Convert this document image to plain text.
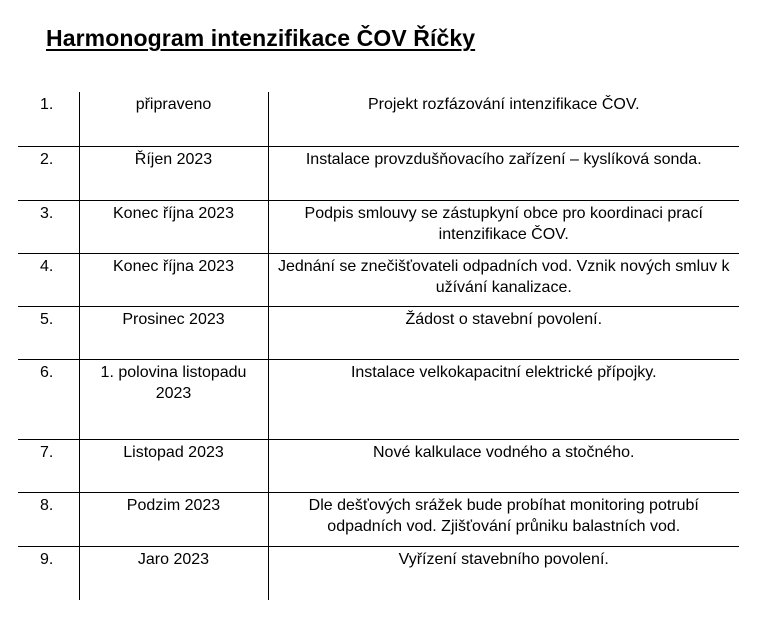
Harmonogram intenzifikace ČOV Říčky
1.	připraveno	Projekt rozfázování intenzifikace ČOV.
2.	Říjen 2023	Instalace provzdušňovacího zařízení – kyslíková sonda.
3.	Konec října 2023	Podpis smlouvy se zástupkyní obce pro koordinaci prací intenzifikace ČOV.
4.	Konec října 2023	Jednání se znečišťovateli odpadních vod. Vznik nových smluv k užívání kanalizace.
5.	Prosinec 2023	Žádost o stavební povolení.
6.	1. polovina listopadu 2023	Instalace velkokapacitní elektrické přípojky.
7.	Listopad 2023	Nové kalkulace vodného a stočného.
8.	Podzim 2023	Dle dešťových srážek bude probíhat monitoring potrubí odpadních vod. Zjišťování průniku balastních vod.
9.	Jaro 2023	Vyřízení stavebního povolení.
